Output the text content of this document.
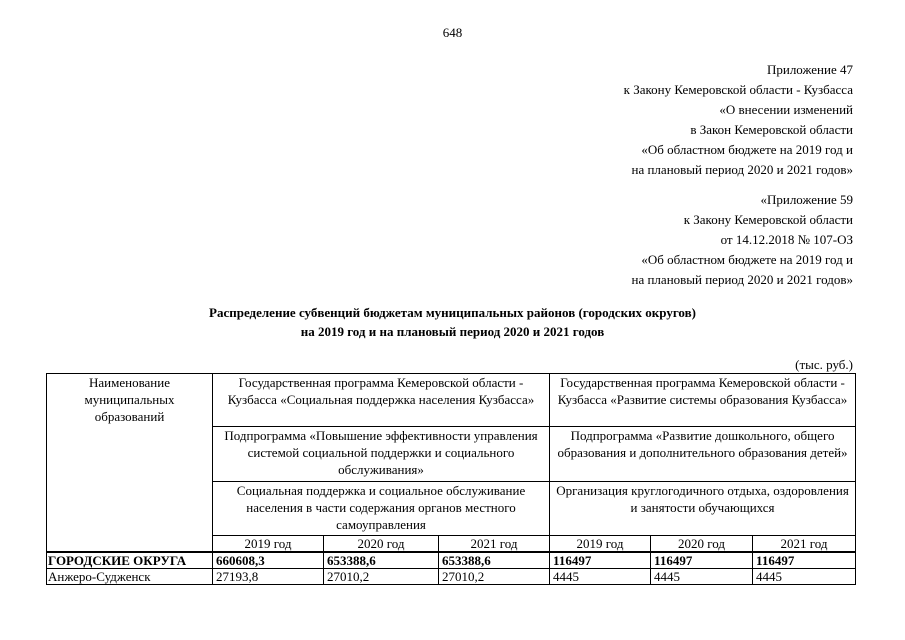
648
Приложение 47
к Закону Кемеровской области - Кузбасса
«О внесении изменений
в Закон Кемеровской области
«Об областном бюджете на 2019 год и
на плановый период 2020 и 2021 годов»
«Приложение 59
к Закону Кемеровской области
от 14.12.2018 № 107-ОЗ
«Об областном бюджете на 2019 год и
на плановый период 2020 и 2021 годов»
Распределение субвенций бюджетам муниципальных районов (городских округов)
на 2019 год и на плановый период 2020 и 2021 годов
(тыс. руб.)
Наименование муниципальных образований	Государственная программа Кемеровской области - Кузбасса «Социальная поддержка населения Кузбасса»			Государственная программа Кемеровской области - Кузбасса «Развитие системы образования Кузбасса»		
	Подпрограмма «Повышение эффективности управления системой социальной поддержки и социального обслуживания»			Подпрограмма «Развитие дошкольного, общего образования и дополнительного образования детей»		
	Социальная поддержка и социальное обслуживание населения в части содержания органов местного самоуправления			Организация круглогодичного отдыха, оздоровления и занятости обучающихся		
	2019 год	2020 год	2021 год	2019 год	2020 год	2021 год
ГОРОДСКИЕ ОКРУГА	660608,3	653388,6	653388,6	116497	116497	116497
Анжеро-Судженск	27193,8	27010,2	27010,2	4445	4445	4445
